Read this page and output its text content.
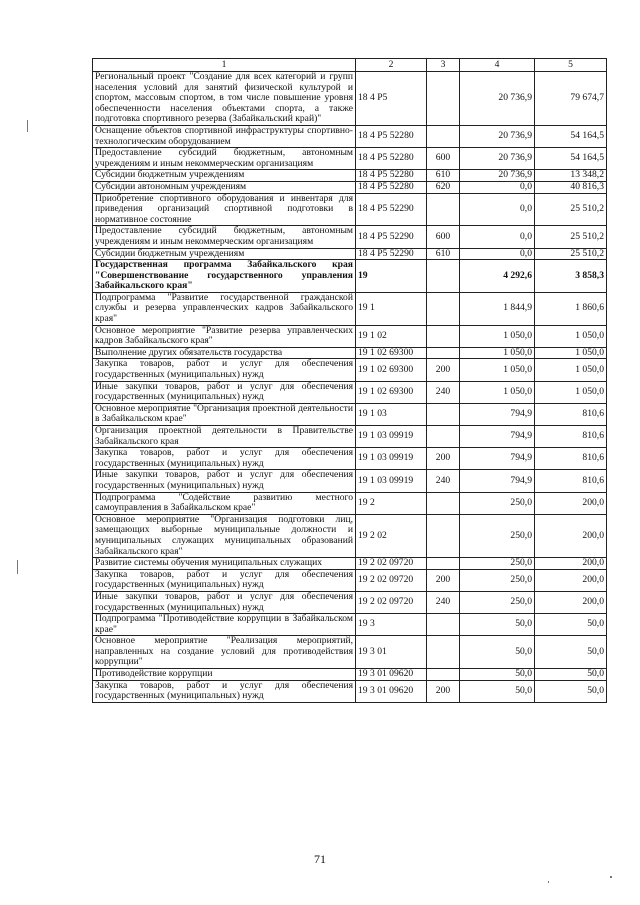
1	2	3	4	5
Региональный проект "Создание для всех категорий и групп населения условий для занятий физической культурой и спортом, массовым спортом, в том числе повышение уровня обеспеченности населения объектами спорта, а также подготовка спортивного резерва (Забайкальский край)"	18 4 P5		20 736,9	79 674,7
Оснащение объектов спортивной инфраструктуры спортивно-технологическим оборудованием	18 4 P5 52280		20 736,9	54 164,5
Предоставление субсидий бюджетным, автономным учреждениям и иным некоммерческим организациям	18 4 P5 52280	600	20 736,9	54 164,5
Субсидии бюджетным учреждениям	18 4 P5 52280	610	20 736,9	13 348,2
Субсидии автономным учреждениям	18 4 P5 52280	620	0,0	40 816,3
Приобретение спортивного оборудования и инвентаря для приведения организаций спортивной подготовки в нормативное состояние	18 4 P5 52290		0,0	25 510,2
Предоставление субсидий бюджетным, автономным учреждениям и иным некоммерческим организациям	18 4 P5 52290	600	0,0	25 510,2
Субсидии бюджетным учреждениям	18 4 P5 52290	610	0,0	25 510,2
Государственная программа Забайкальского края "Совершенствование государственного управления Забайкальского края"	19		4 292,6	3 858,3
Подпрограмма "Развитие государственной гражданской службы и резерва управленческих кадров Забайкальского края"	19 1		1 844,9	1 860,6
Основное мероприятие "Развитие резерва управленческих кадров Забайкальского края"	19 1 02		1 050,0	1 050,0
Выполнение других обязательств государства	19 1 02 69300		1 050,0	1 050,0
Закупка товаров, работ и услуг для обеспечения государственных (муниципальных) нужд	19 1 02 69300	200	1 050,0	1 050,0
Иные закупки товаров, работ и услуг для обеспечения государственных (муниципальных) нужд	19 1 02 69300	240	1 050,0	1 050,0
Основное мероприятие "Организация проектной деятельности в Забайкальском крае"	19 1 03		794,9	810,6
Организация проектной деятельности в Правительстве Забайкальского края	19 1 03 09919		794,9	810,6
Закупка товаров, работ и услуг для обеспечения государственных (муниципальных) нужд	19 1 03 09919	200	794,9	810,6
Иные закупки товаров, работ и услуг для обеспечения государственных (муниципальных) нужд	19 1 03 09919	240	794,9	810,6
Подпрограмма "Содействие развитию местного самоуправления в Забайкальском крае"	19 2		250,0	200,0
Основное мероприятие "Организация подготовки лиц, замещающих выборные муниципальные должности и муниципальных служащих муниципальных образований Забайкальского края"	19 2 02		250,0	200,0
Развитие системы обучения муниципальных служащих	19 2 02 09720		250,0	200,0
Закупка товаров, работ и услуг для обеспечения государственных (муниципальных) нужд	19 2 02 09720	200	250,0	200,0
Иные закупки товаров, работ и услуг для обеспечения государственных (муниципальных) нужд	19 2 02 09720	240	250,0	200,0
Подпрограмма "Противодействие коррупции в Забайкальском крае"	19 3		50,0	50,0
Основное мероприятие "Реализация мероприятий, направленных на создание условий для противодействия коррупции"	19 3 01		50,0	50,0
Противодействие коррупции	19 3 01 09620		50,0	50,0
Закупка товаров, работ и услуг для обеспечения государственных (муниципальных) нужд	19 3 01 09620	200	50,0	50,0
71
